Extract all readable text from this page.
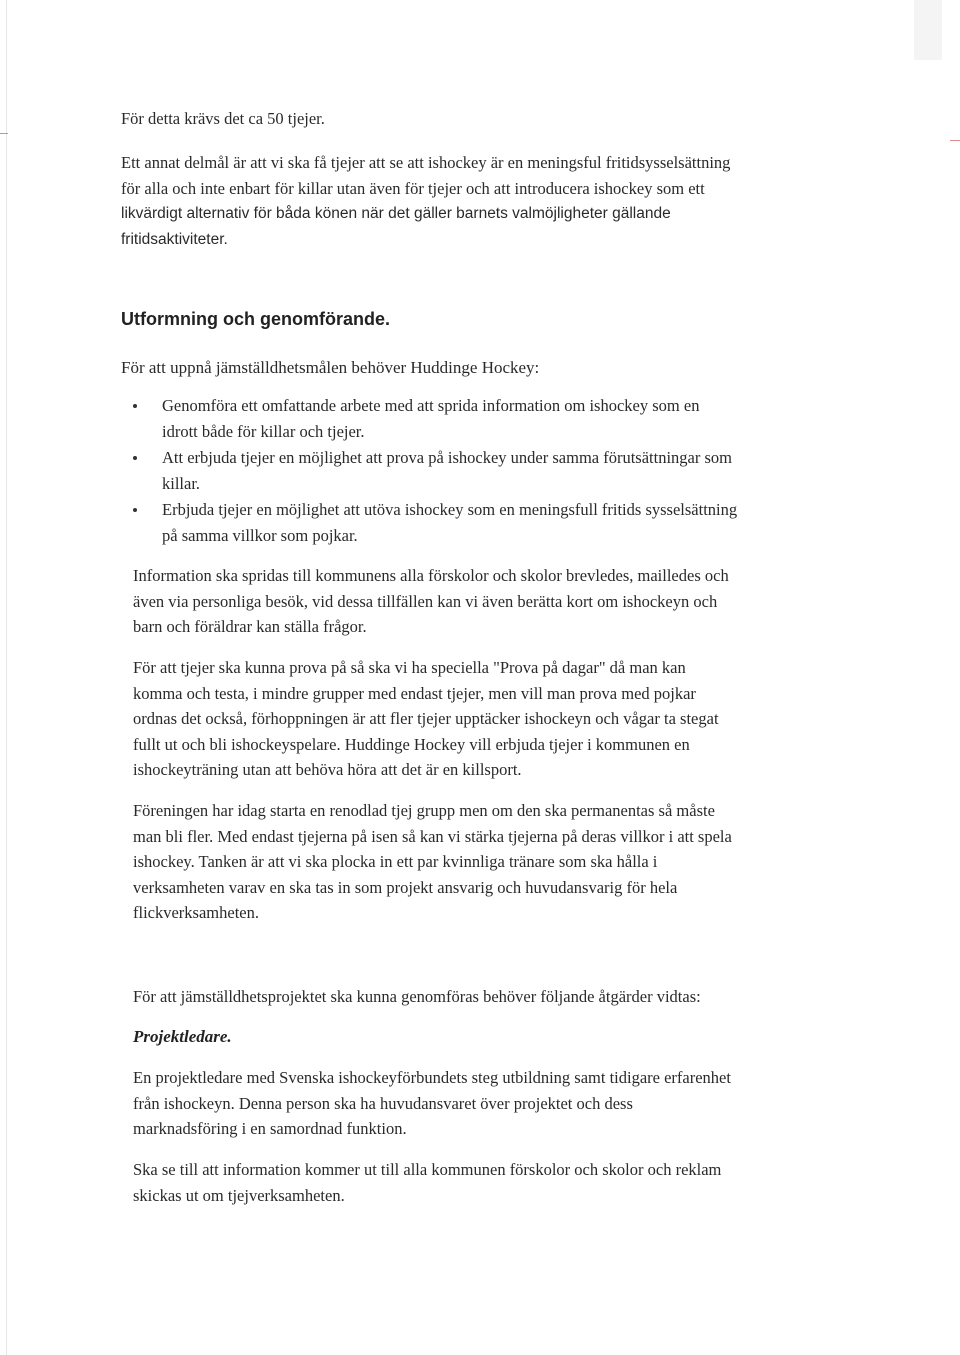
För detta krävs det ca 50 tjejer.

Ett annat delmål är att vi ska få tjejer att se att ishockey är en meningsful fritidsysselsättning
för alla och inte enbart för killar utan även för tjejer och att introducera ishockey som ett
likvärdigt alternativ för båda könen när det gäller barnets valmöjligheter gällande
fritidsaktiviteter.

Utformning och genomförande.

För att uppnå jämställdhetsmålen behöver Huddinge Hockey:

Genomföra ett omfattande arbete med att sprida information om ishockey som en
idrott både för killar och tjejer.
Att erbjuda tjejer en möjlighet att prova på ishockey under samma förutsättningar som
killar.
Erbjuda tjejer en möjlighet att utöva ishockey som en meningsfull fritids sysselsättning
på samma villkor som pojkar.

Information ska spridas till kommunens alla förskolor och skolor brevledes, mailledes och
även via personliga besök, vid dessa tillfällen kan vi även berätta kort om ishockeyn och
barn och föräldrar kan ställa frågor.

För att tjejer ska kunna prova på så ska vi ha speciella "Prova på dagar" då man kan
komma och testa, i mindre grupper med endast tjejer, men vill man prova med pojkar
ordnas det också, förhoppningen är att fler tjejer upptäcker ishockeyn och vågar ta stegat
fullt ut och bli ishockeyspelare. Huddinge Hockey vill erbjuda tjejer i kommunen en
ishockeyträning utan att behöva höra att det är en killsport.

Föreningen har idag starta en renodlad tjej grupp men om den ska permanentas så måste
man bli fler. Med endast tjejerna på isen så kan vi stärka tjejerna på deras villkor i att spela
ishockey. Tanken är att vi ska plocka in ett par kvinnliga tränare som ska hålla i
verksamheten varav en ska tas in som projekt ansvarig och huvudansvarig för hela
flickverksamheten.

För att jämställdhetsprojektet ska kunna genomföras behöver följande åtgärder vidtas:

Projektledare.

En projektledare med Svenska ishockeyförbundets steg utbildning samt tidigare erfarenhet
från ishockeyn. Denna person ska ha huvudansvaret över projektet och dess
marknadsföring i en samordnad funktion.

Ska se till att information kommer ut till alla kommunen förskolor och skolor och reklam
skickas ut om tjejverksamheten.
